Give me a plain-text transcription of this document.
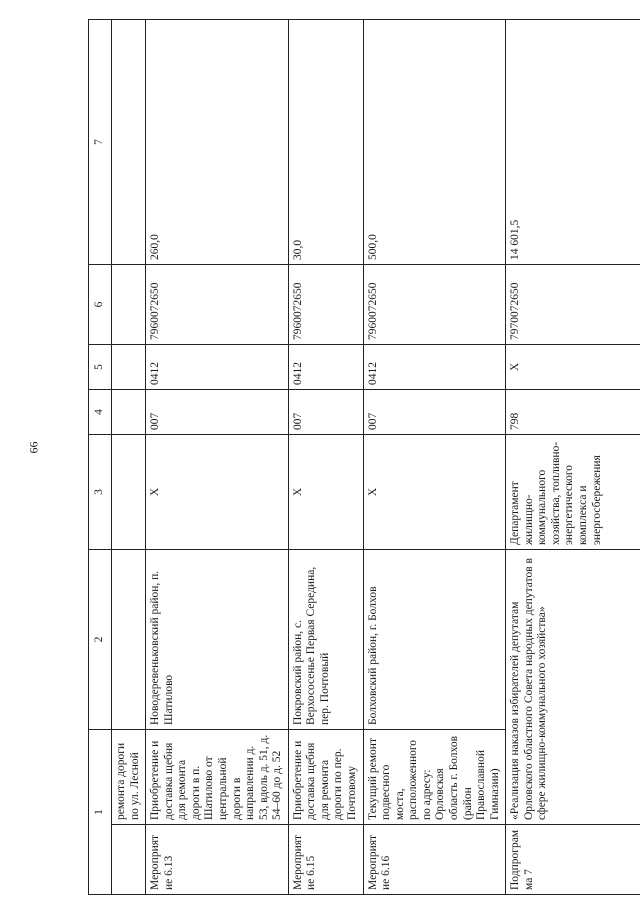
66
1		2	3	4	5	6	7
	ремонта дороги по ул. Лесной						
Мероприятие 6.13	Приобретение и доставка щебня для ремонта дороги в п. Шатилово от центральной дороги в направлении д. 53, вдоль д. 51, д. 54–60 до д. 52	Новодеревеньковский район, п. Шатилово	Х	007	0412	7960072650	260,0
Мероприятие 6.15	Приобретение и доставка щебня для ремонта дороги по пер. Почтовому	Покровский район, с. Верхососенье Первая Середина, пер. Почтовый	Х	007	0412	7960072650	30,0
Мероприятие 6.16	Текущий ремонт подвесного моста, расположенного по адресу: Орловская область г. Болхов (район Православной Гимназии)	Болховский район, г. Болхов	Х	007	0412	7960072650	500,0
Подпрограмма 7	«Реализация наказов избирателей депутатам Орловского областного Совета народных депутатов в сфере жилищно-коммунального хозяйства»		Департамент жилищно-коммунального хозяйства, топливно-энергетического комплекса и энергосбережения	798	Х	7970072650	14 601,5
